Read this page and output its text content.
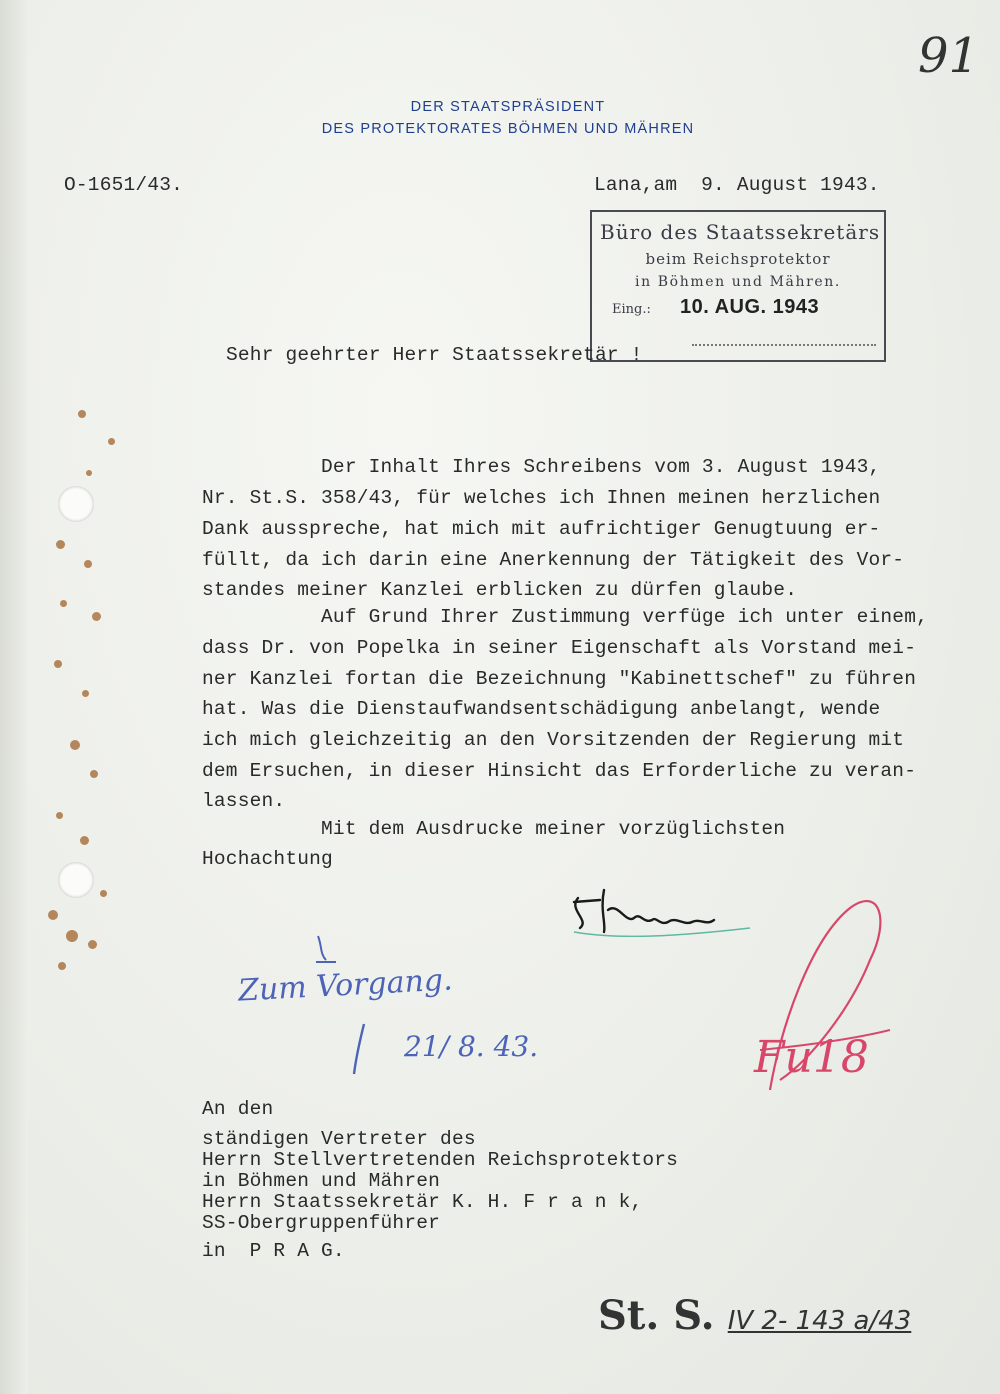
91
DER STAATSPRÄSIDENT
DES PROTEKTORATES BÖHMEN UND MÄHREN
O-1651/43.	Lana,am  9. August 1943.
Büro des Staatssekretärs
beim Reichsprotektor
in Böhmen und Mähren.
Eing.: 10. AUG. 1943
Sehr geehrter Herr Staatssekretär !
Der Inhalt Ihres Schreibens vom 3. August 1943,
Nr. St.S. 358/43, für welches ich Ihnen meinen herzlichen
Dank ausspreche, hat mich mit aufrichtiger Genugtuung er-
füllt, da ich darin eine Anerkennung der Tätigkeit des Vor-
standes meiner Kanzlei erblicken zu dürfen glaube.
Auf Grund Ihrer Zustimmung verfüge ich unter einem,
dass Dr. von Popelka in seiner Eigenschaft als Vorstand mei-
ner Kanzlei fortan die Bezeichnung "Kabinettschef" zu führen
hat. Was die Dienstaufwandsentschädigung anbelangt, wende
ich mich gleichzeitig an den Vorsitzenden der Regierung mit
dem Ersuchen, in dieser Hinsicht das Erforderliche zu veran-
lassen.
Mit dem Ausdrucke meiner vorzüglichsten
Hochachtung
Fu18
Zum Vorgang.
21/ 8. 43.
An den
ständigen Vertreter des
Herrn Stellvertretenden Reichsprotektors
in Böhmen und Mähren
Herrn Staatssekretär K. H. F r a n k,
SS-Obergruppenführer
in  P R A G.
St. S. IV 2- 143 a/43
